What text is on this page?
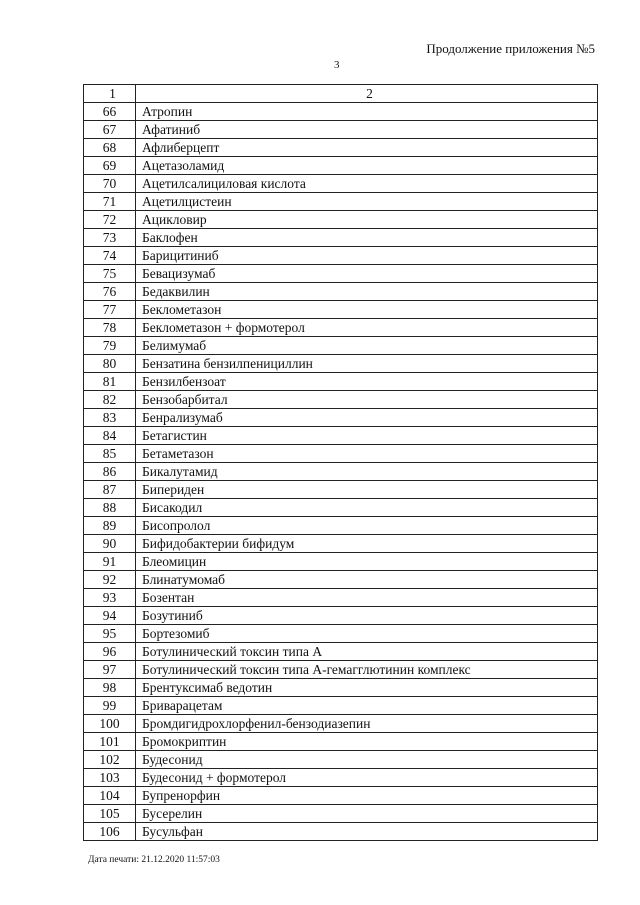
Продолжение приложения №5
3
1	2
66	Атропин
67	Афатиниб
68	Афлиберцепт
69	Ацетазоламид
70	Ацетилсалициловая кислота
71	Ацетилцистеин
72	Ацикловир
73	Баклофен
74	Барицитиниб
75	Бевацизумаб
76	Бедаквилин
77	Беклометазон
78	Беклометазон + формотерол
79	Белимумаб
80	Бензатина бензилпенициллин
81	Бензилбензоат
82	Бензобарбитал
83	Бенрализумаб
84	Бетагистин
85	Бетаметазон
86	Бикалутамид
87	Бипериден
88	Бисакодил
89	Бисопролол
90	Бифидобактерии бифидум
91	Блеомицин
92	Блинатумомаб
93	Бозентан
94	Бозутиниб
95	Бортезомиб
96	Ботулинический токсин типа А
97	Ботулинический токсин типа А-гемагглютинин комплекс
98	Брентуксимаб ведотин
99	Бриварацетам
100	Бромдигидрохлорфенил-бензодиазепин
101	Бромокриптин
102	Будесонид
103	Будесонид + формотерол
104	Бупренорфин
105	Бусерелин
106	Бусульфан
Дата печати: 21.12.2020 11:57:03
